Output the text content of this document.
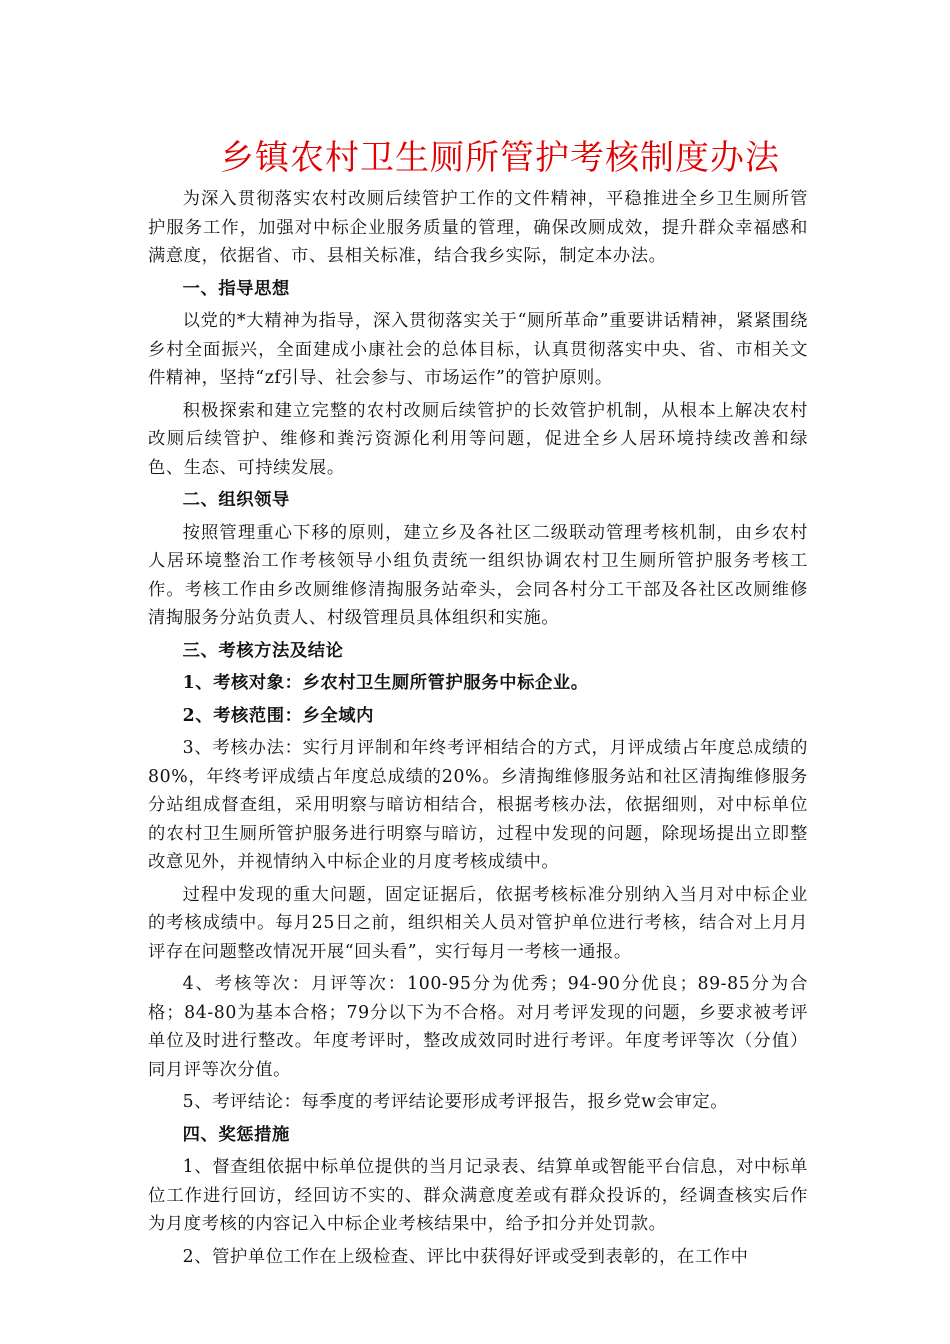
乡镇农村卫生厕所管护考核制度办法

为深入贯彻落实农村改厕后续管护工作的文件精神，平稳推进全乡卫生厕所管护服务工作，加强对中标企业服务质量的管理，确保改厕成效，提升群众幸福感和满意度，依据省、市、县相关标准，结合我乡实际，制定本办法。

一、指导思想

以党的*大精神为指导，深入贯彻落实关于“厕所革命”重要讲话精神，紧紧围绕乡村全面振兴，全面建成小康社会的总体目标，认真贯彻落实中央、省、市相关文件精神，坚持“zf引导、社会参与、市场运作”的管护原则。

积极探索和建立完整的农村改厕后续管护的长效管护机制，从根本上解决农村改厕后续管护、维修和粪污资源化利用等问题，促进全乡人居环境持续改善和绿色、生态、可持续发展。

二、组织领导

按照管理重心下移的原则，建立乡及各社区二级联动管理考核机制，由乡农村人居环境整治工作考核领导小组负责统一组织协调农村卫生厕所管护服务考核工作。考核工作由乡改厕维修清掏服务站牵头，会同各村分工干部及各社区改厕维修清掏服务分站负责人、村级管理员具体组织和实施。

三、考核方法及结论

1、考核对象：乡农村卫生厕所管护服务中标企业。

2、考核范围：乡全域内

3、考核办法：实行月评制和年终考评相结合的方式，月评成绩占年度总成绩的80%，年终考评成绩占年度总成绩的20%。乡清掏维修服务站和社区清掏维修服务分站组成督查组，采用明察与暗访相结合，根据考核办法，依据细则，对中标单位的农村卫生厕所管护服务进行明察与暗访，过程中发现的问题，除现场提出立即整改意见外，并视情纳入中标企业的月度考核成绩中。

过程中发现的重大问题，固定证据后，依据考核标准分别纳入当月对中标企业的考核成绩中。每月25日之前，组织相关人员对管护单位进行考核，结合对上月月评存在问题整改情况开展“回头看”，实行每月一考核一通报。

4、考核等次：月评等次：100-95分为优秀；94-90分优良；89-85分为合格；84-80为基本合格；79分以下为不合格。对月考评发现的问题，乡要求被考评单位及时进行整改。年度考评时，整改成效同时进行考评。年度考评等次（分值）同月评等次分值。

5、考评结论：每季度的考评结论要形成考评报告，报乡党w会审定。

四、奖惩措施

1、督查组依据中标单位提供的当月记录表、结算单或智能平台信息，对中标单位工作进行回访，经回访不实的、群众满意度差或有群众投诉的，经调查核实后作为月度考核的内容记入中标企业考核结果中，给予扣分并处罚款。

2、管护单位工作在上级检查、评比中获得好评或受到表彰的，在工作中
